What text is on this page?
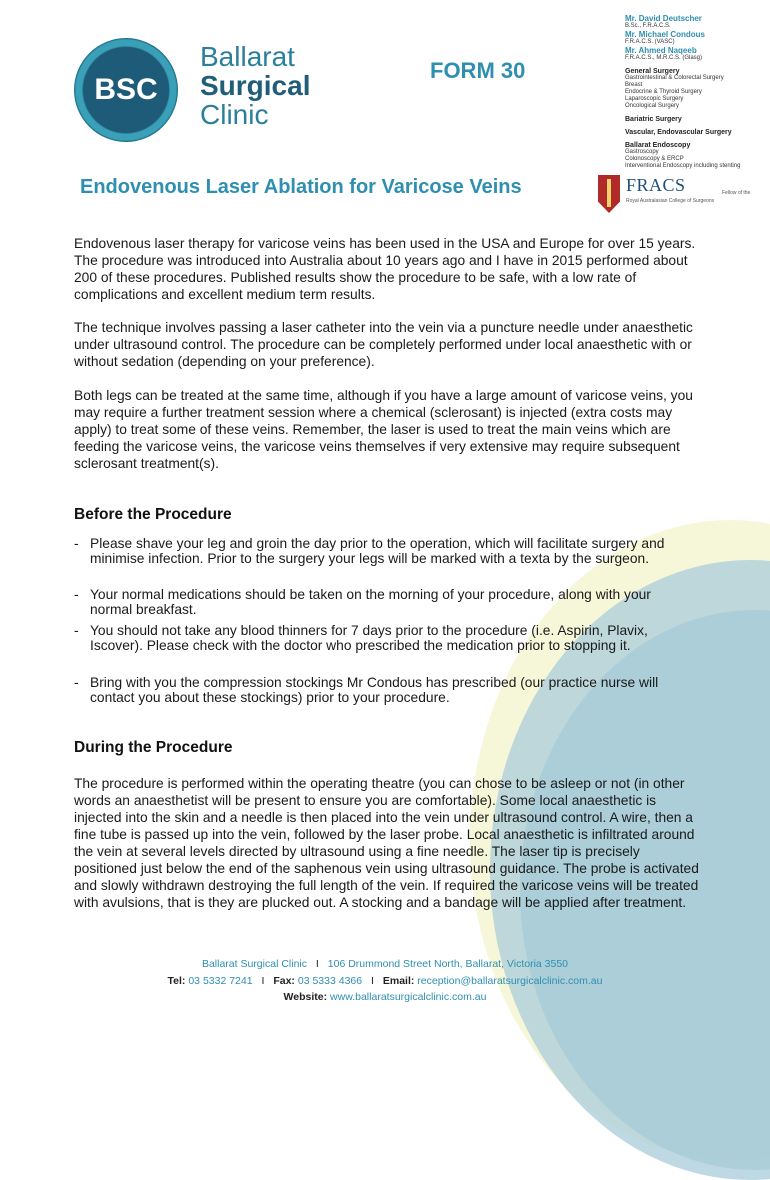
BSC
Ballarat
Surgical
Clinic
FORM 30
Mr. David Deutscher
B.Sc., F.R.A.C.S.
Mr. Michael Condous
F.R.A.C.S. (VASC)
Mr. Ahmed Naqeeb
F.R.A.C.S., M.R.C.S. (Glasg)
General Surgery
Gastrointestinal & Colorectal Surgery
Breast
Endocrine & Thyroid Surgery
Laparoscopic Surgery
Oncological Surgery
Bariatric Surgery
Vascular, Endovascular Surgery
Ballarat Endoscopy
Gastroscopy
Colonoscopy & ERCP
Interventional Endoscopy including stenting
FRACS	Fellow of the
Royal Australasian College of Surgeons
Endovenous Laser Ablation for Varicose Veins

Endovenous laser therapy for varicose veins has been used in the USA and Europe for over 15 years. The procedure was introduced into Australia about 10 years ago and I have in 2015 performed about 200 of these procedures. Published results show the procedure to be safe, with a low rate of complications and excellent medium term results.

The technique involves passing a laser catheter into the vein via a puncture needle under anaesthetic under ultrasound control. The procedure can be completely performed under local anaesthetic with or without sedation (depending on your preference).

Both legs can be treated at the same time, although if you have a large amount of varicose veins, you may require a further treatment session where a chemical (sclerosant) is injected (extra costs may apply) to treat some of these veins. Remember, the laser is used to treat the main veins which are feeding the varicose veins, the varicose veins themselves if very extensive may require subsequent sclerosant treatment(s).

Before the Procedure
- Please shave your leg and groin the day prior to the operation, which will facilitate surgery and minimise infection. Prior to the surgery your legs will be marked with a texta by the surgeon.
- Your normal medications should be taken on the morning of your procedure, along with your normal breakfast.
- You should not take any blood thinners for 7 days prior to the procedure (i.e. Aspirin, Plavix, Iscover). Please check with the doctor who prescribed the medication prior to stopping it.
- Bring with you the compression stockings Mr Condous has prescribed (our practice nurse will contact you about these stockings) prior to your procedure.
During the Procedure

The procedure is performed within the operating theatre (you can chose to be asleep or not (in other words an anaesthetist will be present to ensure you are comfortable). Some local anaesthetic is injected into the skin and a needle is then placed into the vein under ultrasound control. A wire, then a fine tube is passed up into the vein, followed by the laser probe. Local anaesthetic is infiltrated around the vein at several levels directed by ultrasound using a fine needle. The laser tip is precisely positioned just below the end of the saphenous vein using ultrasound guidance. The probe is activated and slowly withdrawn destroying the full length of the vein. If required the varicose veins will be treated with avulsions, that is they are plucked out. A stocking and a bandage will be applied after treatment.

Ballarat Surgical Clinic I 106 Drummond Street North, Ballarat, Victoria 3550
Tel: 03 5332 7241 I Fax: 03 5333 4366 I Email: reception@ballaratsurgicalclinic.com.au
Website: www.ballaratsurgicalclinic.com.au
